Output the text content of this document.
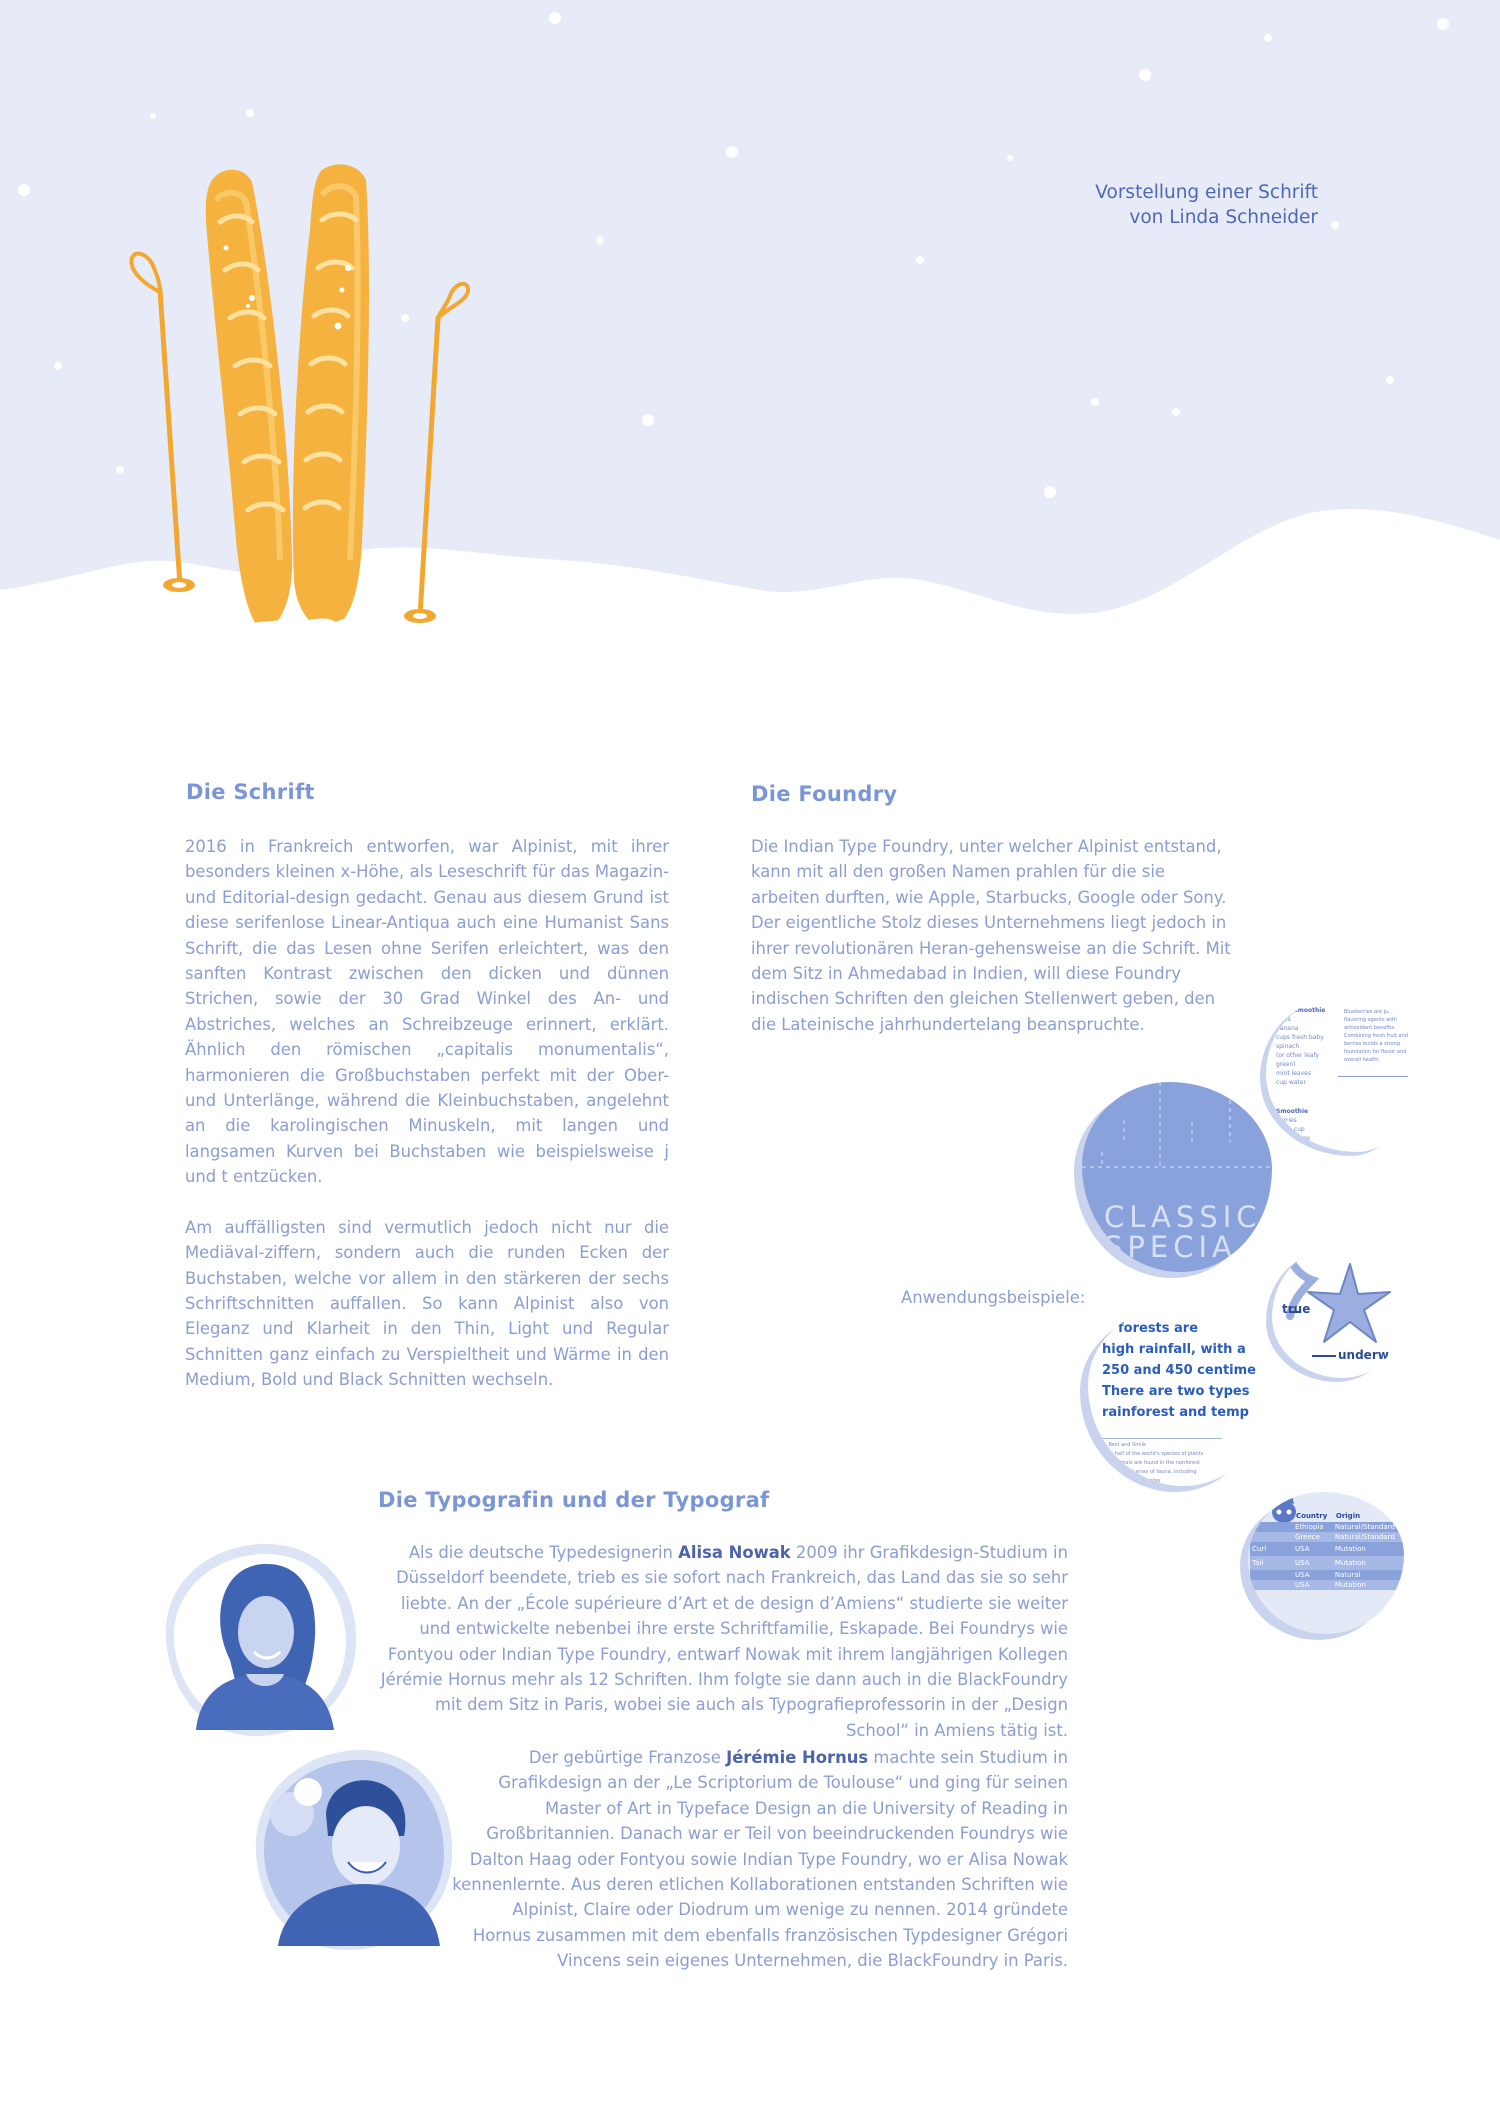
Vorstellung einer Schrift
von Linda Schneider
Die Schrift

2016 in Frankreich entworfen, war Alpinist, mit ihrer besonders kleinen x-Höhe, als Leseschrift für das Magazin- und Editorial-design gedacht. Genau aus diesem Grund ist diese serifenlose Linear-Antiqua auch eine Humanist Sans Schrift, die das Lesen ohne Serifen erleichtert, was den sanften Kontrast zwischen den dicken und dünnen Strichen, sowie der 30 Grad Winkel des An- und Abstriches, welches an Schreibzeuge erinnert, erklärt. Ähnlich den römischen „capitalis monumentalis“, harmonieren die Großbuchstaben perfekt mit der Ober- und Unterlänge, während die Kleinbuchstaben, angelehnt an die karolingischen Minuskeln, mit langen und langsamen Kurven bei Buchstaben wie beispielsweise j und t entzücken.

Am auffälligsten sind vermutlich jedoch nicht nur die Mediäval-ziffern, sondern auch die runden Ecken der Buchstaben, welche vor allem in den stärkeren der sechs Schriftschnitten auffallen. So kann Alpinist also von Eleganz und Klarheit in den Thin, Light und Regular Schnitten ganz einfach zu Verspieltheit und Wärme in den Medium, Bold und Black Schnitten wechseln.

Die Foundry

Die Indian Type Foundry, unter welcher Alpinist entstand, kann mit all den großen Namen prahlen für die sie arbeiten durften, wie Apple, Starbucks, Google oder Sony. Der eigentliche Stolz dieses Unternehmens liegt jedoch in ihrer revolutionären Heran-gehensweise an die Schrift. Mit dem Sitz in Ahmedabad in Indien, will diese Foundry indischen Schriften den gleichen Stellenwert geben, den die Lateinische jahrhundertelang beanspruchte.

Anwendungsbeispiele:
Mint Smoothie
kiwis
banana
cups fresh baby spinach
(or other leafy green)
mint leaves
cup water
Smoothie
berries
lies 1 cup
cup orange
container
Blueberries are powerful flavoring agents with antioxidant benefits. Combining fresh fruit and berries builds a strong foundation for flavor and overall health.
CLASSIC
SPECIA
true
underw
forests are
high rainfall, with a
250 and 450 centime
There are two types
rainforest and temp
— Rest and Smile
over half of the world's species of plants
and animals are found in the rainforest
a very broad array of fauna, including
birds and invertebrates
	Country	Origin
	Ethiopia	Natural/Standard
	Greece	Natural/Standard
Curl	USA	Mutation
Tail	USA	Mutation
	USA	Natural
	USA	Mutation
Die Typografin und der Typograf
Als die deutsche Typedesignerin Alisa Nowak 2009 ihr Grafikdesign-Studium in Düsseldorf beendete, trieb es sie sofort nach Frankreich, das Land das sie so sehr liebte. An der „École supérieure d’Art et de design d’Amiens“ studierte sie weiter und entwickelte nebenbei ihre erste Schriftfamilie, Eskapade. Bei Foundrys wie Fontyou oder Indian Type Foundry, entwarf Nowak mit ihrem langjährigen Kollegen Jérémie Hornus mehr als 12 Schriften. Ihm folgte sie dann auch in die BlackFoundry mit dem Sitz in Paris, wobei sie auch als Typografieprofessorin in der „Design School“ in Amiens tätig ist.
Der gebürtige Franzose Jérémie Hornus machte sein Studium in Grafikdesign an der „Le Scriptorium de Toulouse“ und ging für seinen Master of Art in Typeface Design an die University of Reading in Großbritannien. Danach war er Teil von beeindruckenden Foundrys wie Dalton Haag oder Fontyou sowie Indian Type Foundry, wo er Alisa Nowak kennenlernte. Aus deren etlichen Kollaborationen entstanden Schriften wie Alpinist, Claire oder Diodrum um wenige zu nennen. 2014 gründete Hornus zusammen mit dem ebenfalls französischen Typdesigner Grégori Vincens sein eigenes Unternehmen, die BlackFoundry in Paris.
